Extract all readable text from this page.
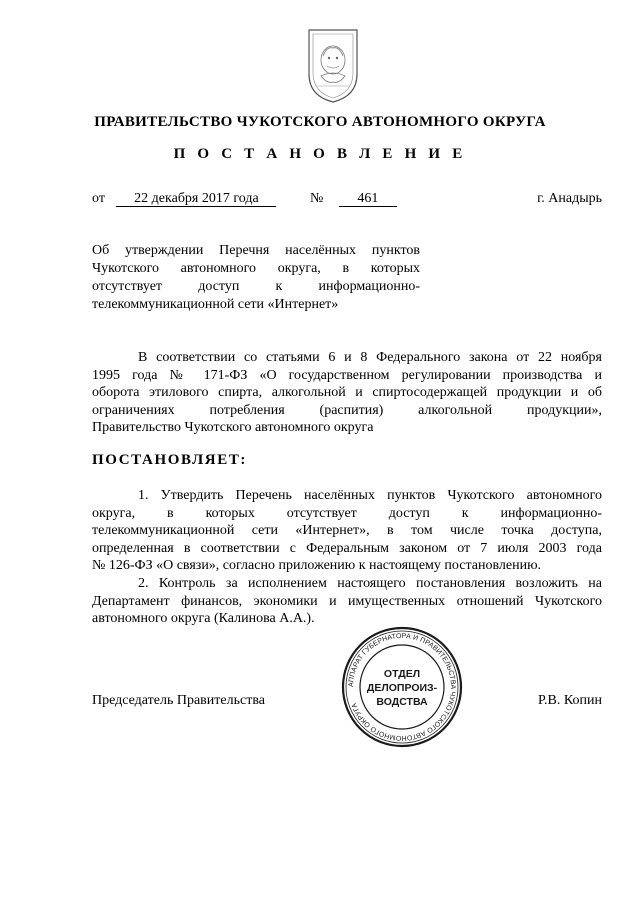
ПРАВИТЕЛЬСТВО ЧУКОТСКОГО АВТОНОМНОГО ОКРУГА
П О С Т А Н О В Л Е Н И Е
от 22 декабря 2017 года	№ 461	г. Анадырь
Об утверждении Перечня населённых пунктов
Чукотского автономного округа, в которых
отсутствует доступ к информационно-
телекоммуникационной сети «Интернет»
В соответствии со статьями 6 и 8 Федерального закона от 22 ноября
1995 года № 171-ФЗ «О государственном регулировании производства и
оборота этилового спирта, алкогольной и спиртосодержащей продукции и об
ограничениях потребления (распития) алкогольной продукции»,
Правительство Чукотского автономного округа
ПОСТАНОВЛЯЕТ:
1. Утвердить Перечень населённых пунктов Чукотского автономного
округа, в которых отсутствует доступ к информационно-
телекоммуникационной сети «Интернет», в том числе точка доступа,
определенная в соответствии с Федеральным законом от 7 июля 2003 года
№ 126-ФЗ «О связи», согласно приложению к настоящему постановлению.
2. Контроль за исполнением настоящего постановления возложить на
Департамент финансов, экономики и имущественных отношений Чукотского
автономного округа (Калинова А.А.).
АППАРАТ ГУБЕРНАТОРА И ПРАВИТЕЛЬСТВА ЧУКОТСКОГО АВТОНОМНОГО ОКРУГА
ОТДЕЛ
ДЕЛОПРОИЗ-
ВОДСТВА
Председатель Правительства	Р.В. Копин
